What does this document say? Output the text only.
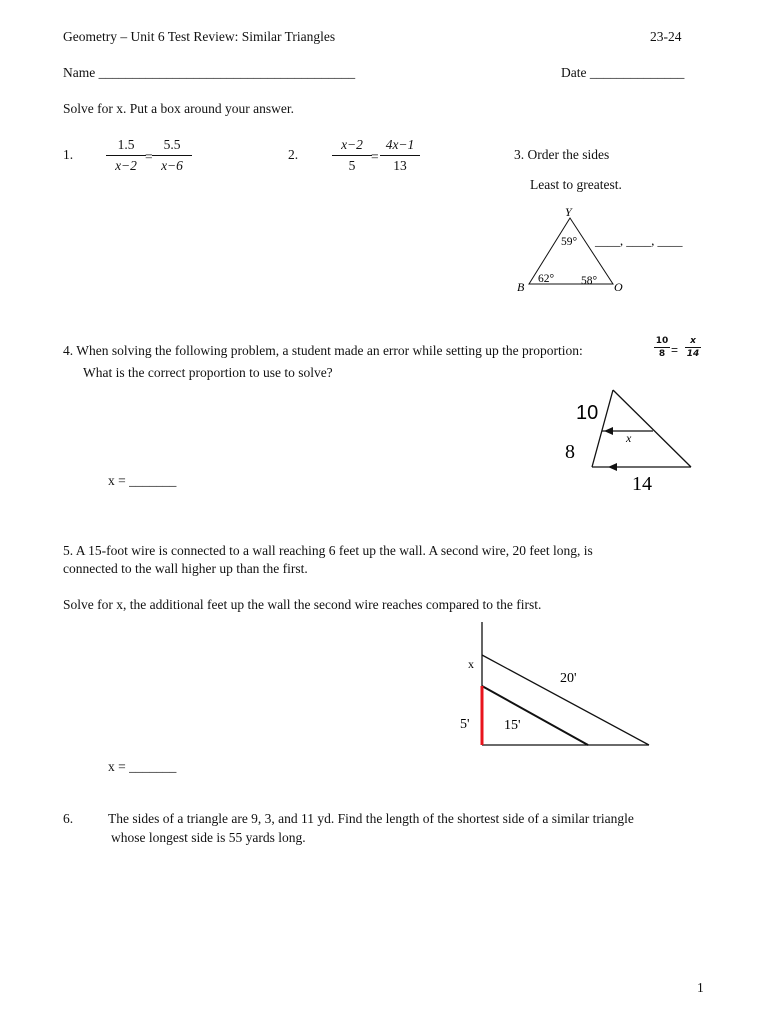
Geometry – Unit 6 Test Review: Similar Triangles	23-24
Name ______________________________________	Date ______________
Solve for x. Put a box around your answer.
1. $\frac{1.5}{x-2} = \frac{5.5}{x-6}$	2.	$\frac{x-2}{5} = \frac{4x-1}{13}$	3. Order the sides
Least to greatest.
Y
B	O
59°
62° 58°
____, ____, ____
4. When solving the following problem, a student made an error while setting up the proportion:	$\frac{10}{8} = \frac{x}{14}$
What is the correct proportion to use to solve?
10
8
x
14
x = _______
5. A 15-foot wire is connected to a wall reaching 6 feet up the wall. A second wire, 20 feet long, is
connected to the wall higher up than the first.
Solve for x, the additional feet up the wall the second wire reaches compared to the first.
x
20'
5' 15'
x = _______
6.	The sides of a triangle are 9, 3, and 11 yd. Find the length of the shortest side of a similar triangle
whose longest side is 55 yards long.
1
